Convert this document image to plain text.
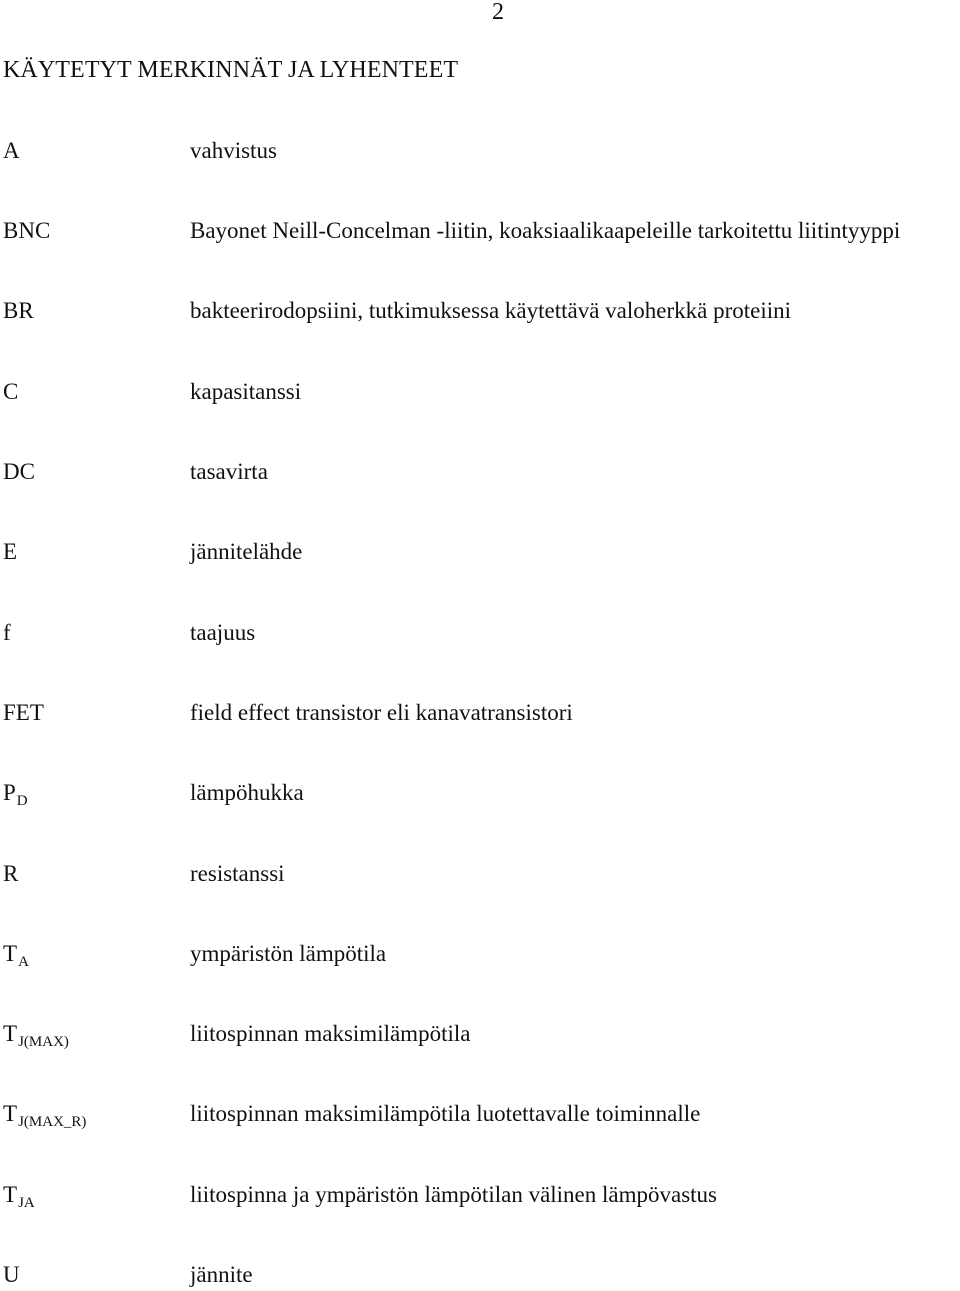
2
KÄYTETYT MERKINNÄT JA LYHENTEET
A	vahvistus
BNC	Bayonet Neill-Concelman -liitin, koaksiaalikaapeleille tarkoitettu liitintyyppi
BR	bakteerirodopsiini, tutkimuksessa käytettävä valoherkkä proteiini
C	kapasitanssi
DC	tasavirta
E	jännitelähde
f	taajuus
FET	field effect transistor eli kanavatransistori
$P_D$	lämpöhukka
R	resistanssi
$T_A$	ympäristön lämpötila
$T_{J(MAX)}$	liitospinnan maksimilämpötila
$T_{J(MAX\_R)}$	liitospinnan maksimilämpötila luotettavalle toiminnalle
$T_{JA}$	liitospinna ja ympäristön lämpötilan välinen lämpövastus
U	jännite
